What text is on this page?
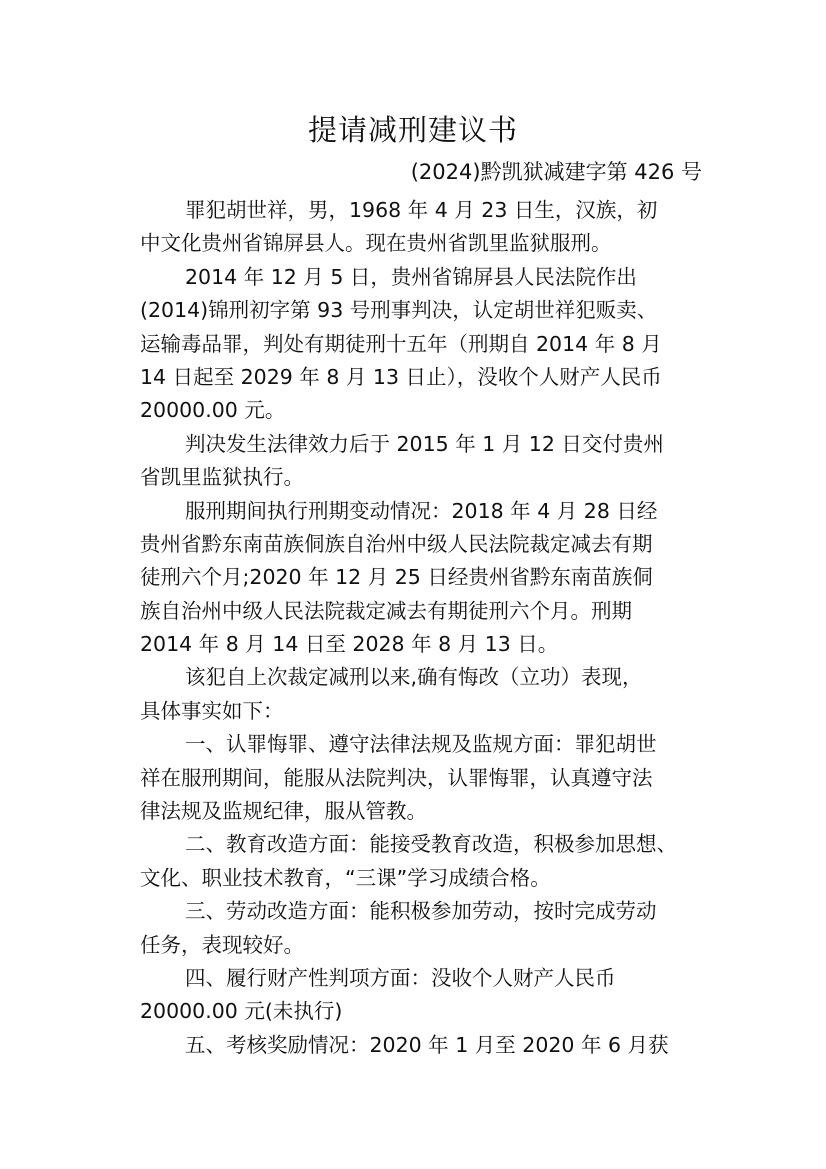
提请减刑建议书
(2024)黔凯狱减建字第 426 号
罪犯胡世祥，男，1968 年 4 月 23 日生，汉族，初
中文化贵州省锦屏县人。现在贵州省凯里监狱服刑。
2014 年 12 月 5 日，贵州省锦屏县人民法院作出
(2014)锦刑初字第 93 号刑事判决，认定胡世祥犯贩卖、
运输毒品罪，判处有期徒刑十五年（刑期自 2014 年 8 月
14 日起至 2029 年 8 月 13 日止），没收个人财产人民币
20000.00 元。
判决发生法律效力后于 2015 年 1 月 12 日交付贵州
省凯里监狱执行。
服刑期间执行刑期变动情况：2018 年 4 月 28 日经
贵州省黔东南苗族侗族自治州中级人民法院裁定减去有期
徒刑六个月;2020 年 12 月 25 日经贵州省黔东南苗族侗
族自治州中级人民法院裁定减去有期徒刑六个月。刑期
2014 年 8 月 14 日至 2028 年 8 月 13 日。
该犯自上次裁定减刑以来,确有悔改（立功）表现，
具体事实如下：
一、认罪悔罪、遵守法律法规及监规方面：罪犯胡世
祥在服刑期间，能服从法院判决，认罪悔罪，认真遵守法
律法规及监规纪律，服从管教。
二、教育改造方面：能接受教育改造，积极参加思想、
文化、职业技术教育，“三课”学习成绩合格。
三、劳动改造方面：能积极参加劳动，按时完成劳动
任务，表现较好。
四、履行财产性判项方面：没收个人财产人民币
20000.00 元(未执行)
五、考核奖励情况：2020 年 1 月至 2020 年 6 月获
